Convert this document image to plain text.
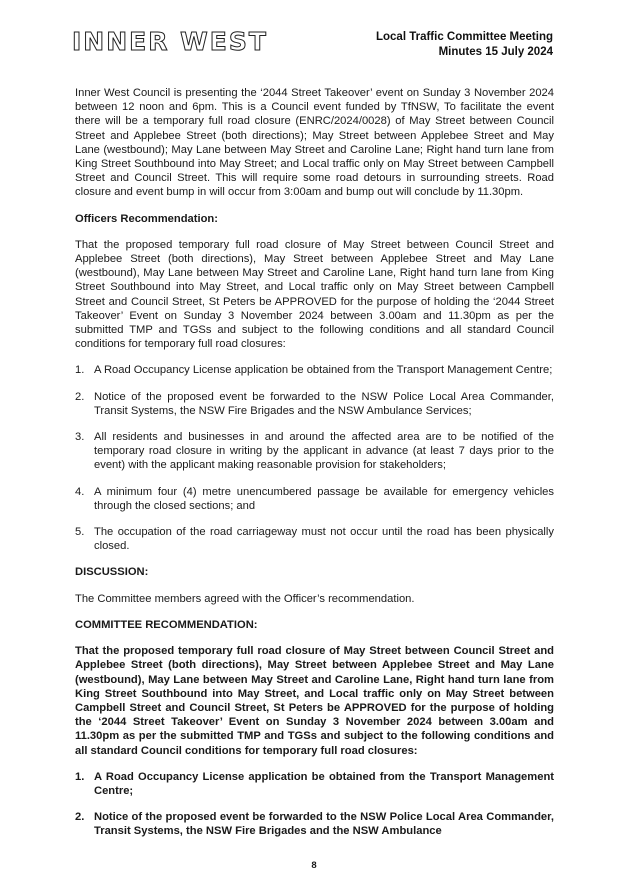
INNER WEST	Local Traffic Committee Meeting
Minutes 15 July 2024

Inner West Council is presenting the ‘2044 Street Takeover’ event on Sunday 3 November 2024 between 12 noon and 6pm. This is a Council event funded by TfNSW, To facilitate the event there will be a temporary full road closure (ENRC/2024/0028) of May Street between Council Street and Applebee Street (both directions); May Street between Applebee Street and May Lane (westbound); May Lane between May Street and Caroline Lane; Right hand turn lane from King Street Southbound into May Street; and Local traffic only on May Street between Campbell Street and Council Street. This will require some road detours in surrounding streets. Road closure and event bump in will occur from 3:00am and bump out will conclude by 11.30pm.

Officers Recommendation:

That the proposed temporary full road closure of May Street between Council Street and Applebee Street (both directions), May Street between Applebee Street and May Lane (westbound), May Lane between May Street and Caroline Lane, Right hand turn lane from King Street Southbound into May Street, and Local traffic only on May Street between Campbell Street and Council Street, St Peters be APPROVED for the purpose of holding the ‘2044 Street Takeover’ Event on Sunday 3 November 2024 between 3.00am and 11.30pm as per the submitted TMP and TGSs and subject to the following conditions and all standard Council conditions for temporary full road closures:

1. A Road Occupancy License application be obtained from the Transport Management Centre;
2. Notice of the proposed event be forwarded to the NSW Police Local Area Commander, Transit Systems, the NSW Fire Brigades and the NSW Ambulance Services;
3. All residents and businesses in and around the affected area are to be notified of the temporary road closure in writing by the applicant in advance (at least 7 days prior to the event) with the applicant making reasonable provision for stakeholders;
4. A minimum four (4) metre unencumbered passage be available for emergency vehicles through the closed sections; and
5. The occupation of the road carriageway must not occur until the road has been physically closed.

DISCUSSION:

The Committee members agreed with the Officer’s recommendation.

COMMITTEE RECOMMENDATION:

That the proposed temporary full road closure of May Street between Council Street and Applebee Street (both directions), May Street between Applebee Street and May Lane (westbound), May Lane between May Street and Caroline Lane, Right hand turn lane from King Street Southbound into May Street, and Local traffic only on May Street between Campbell Street and Council Street, St Peters be APPROVED for the purpose of holding the ‘2044 Street Takeover’ Event on Sunday 3 November 2024 between 3.00am and 11.30pm as per the submitted TMP and TGSs and subject to the following conditions and all standard Council conditions for temporary full road closures:

1. A Road Occupancy License application be obtained from the Transport Management Centre;
2. Notice of the proposed event be forwarded to the NSW Police Local Area Commander, Transit Systems, the NSW Fire Brigades and the NSW Ambulance
8
